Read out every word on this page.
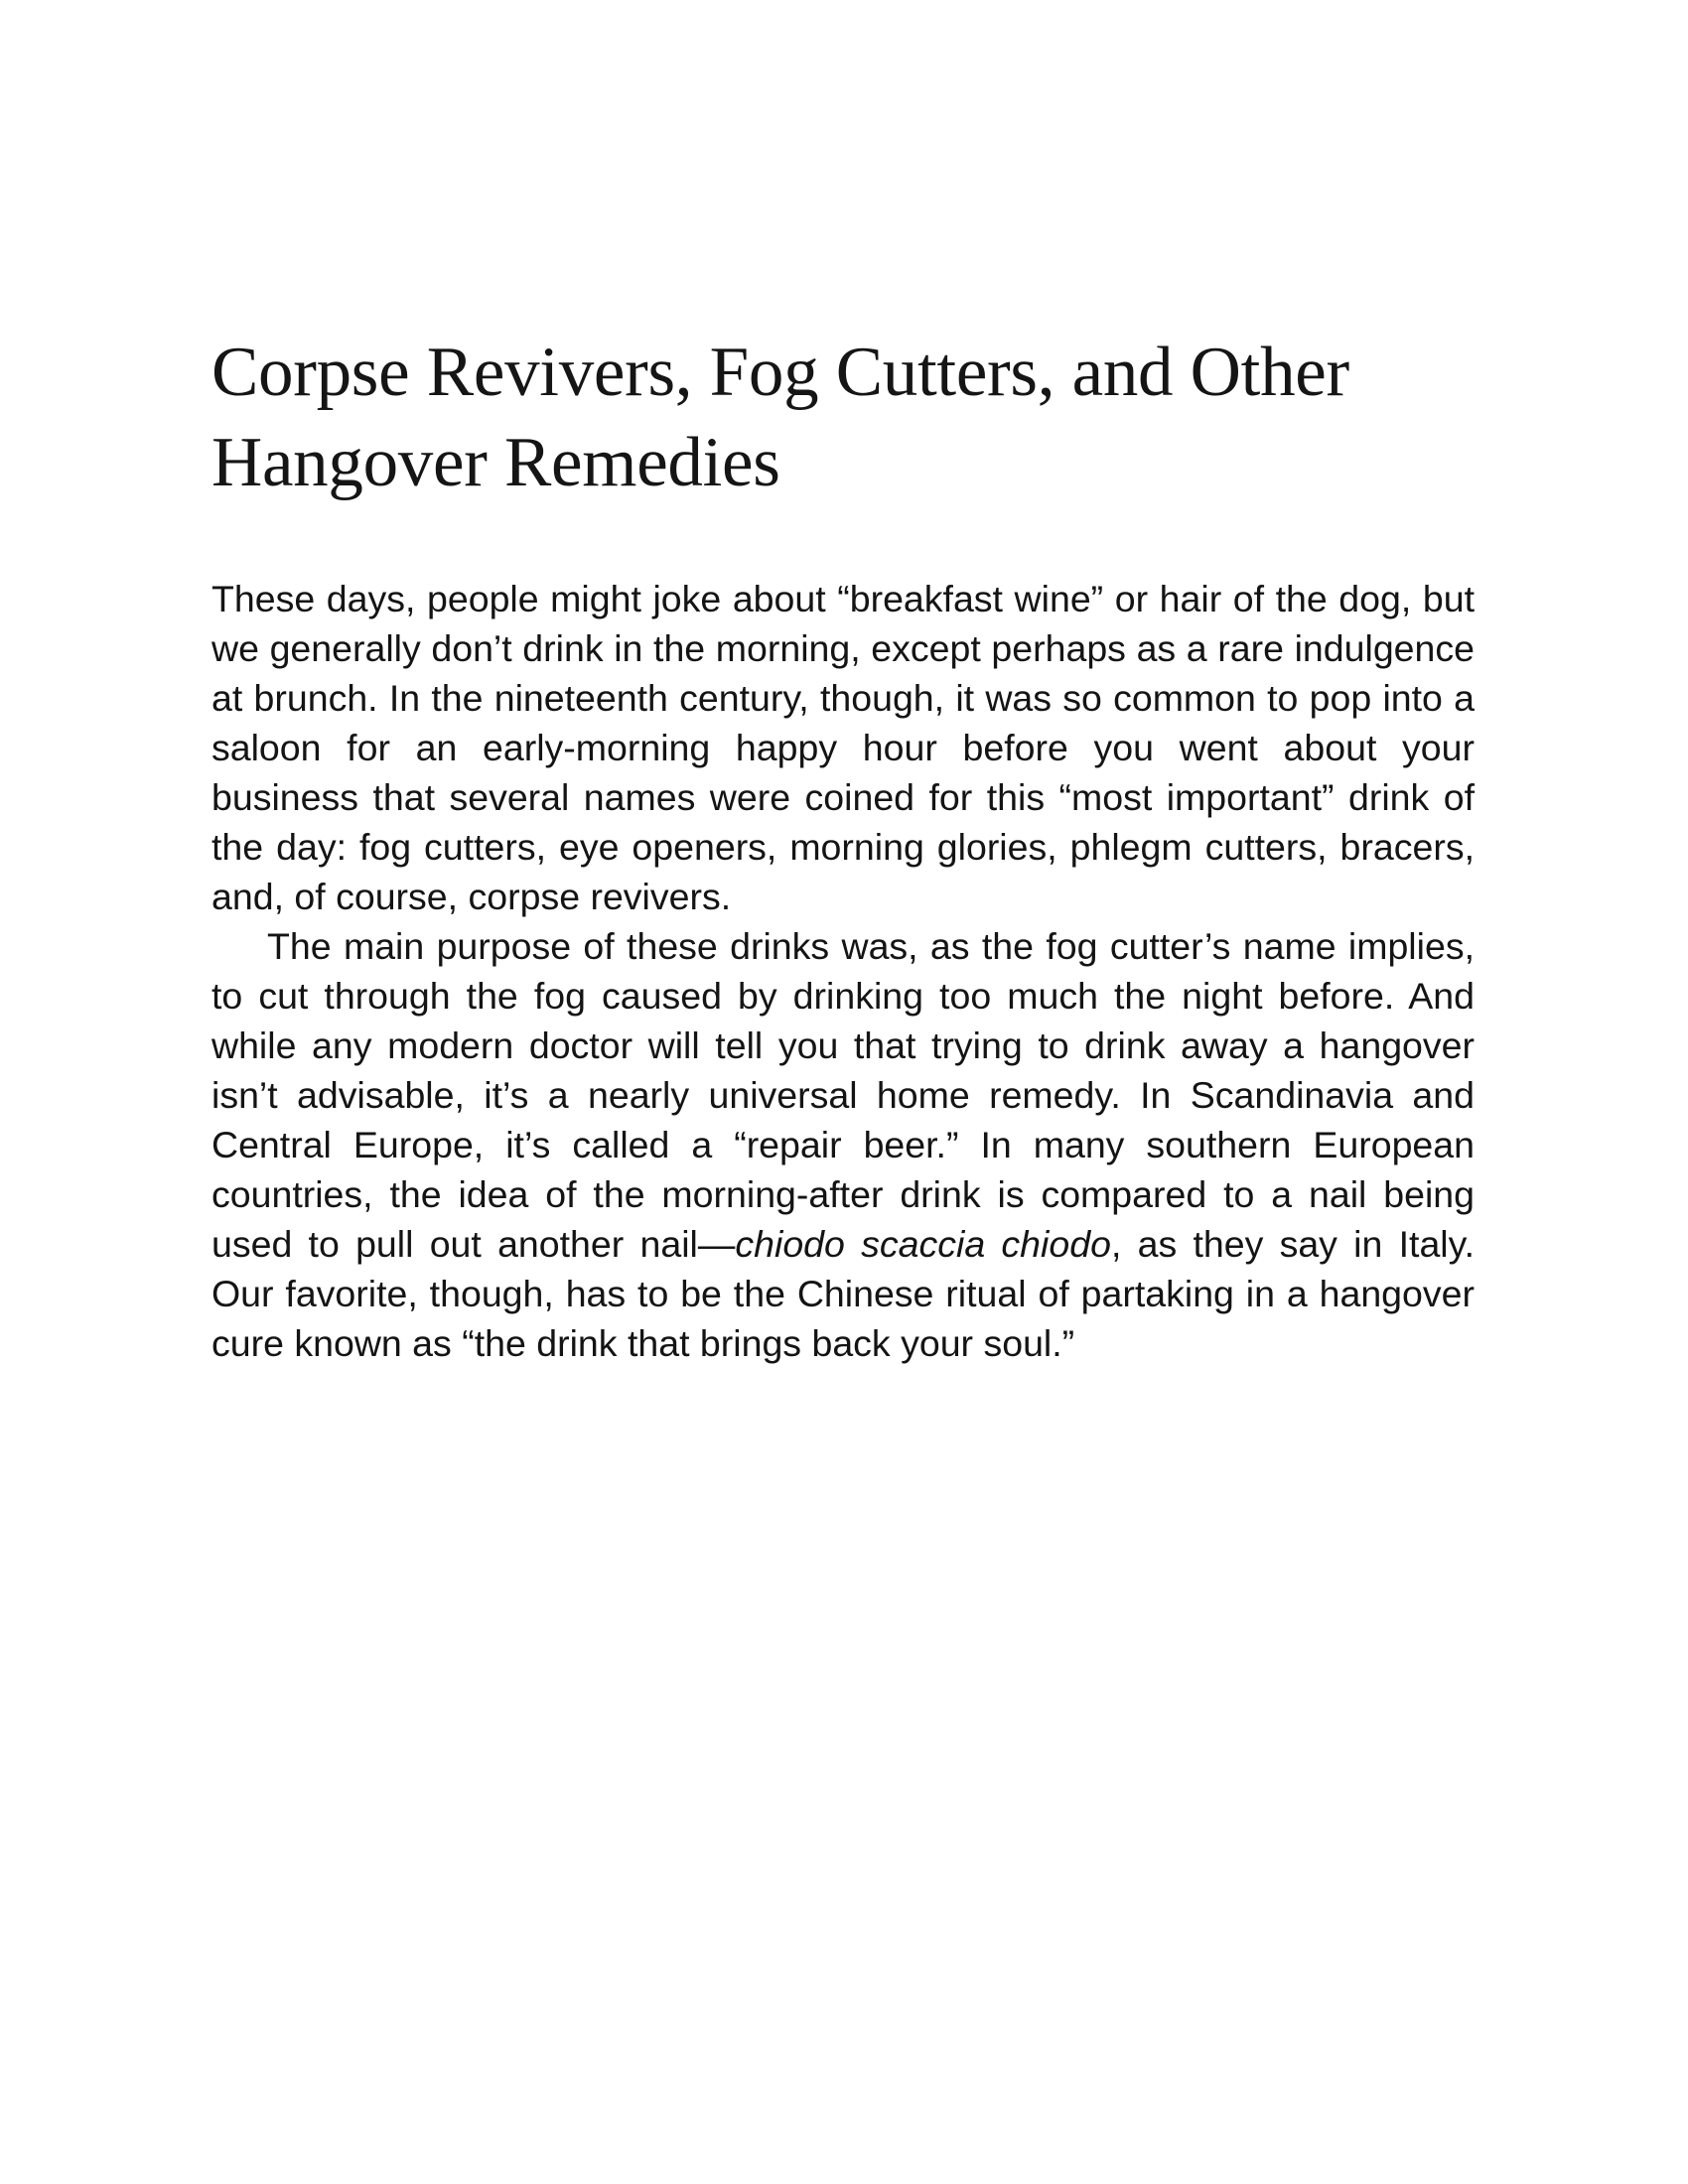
Corpse Revivers, Fog Cutters, and Other
Hangover Remedies

These days, people might joke about “breakfast wine” or hair of the dog, but we generally don’t drink in the morning, except perhaps as a rare indulgence at brunch. In the nineteenth century, though, it was so common to pop into a saloon for an early-morning happy hour before you went about your business that several names were coined for this “most important” drink of the day: fog cutters, eye openers, morning glories, phlegm cutters, bracers, and, of course, corpse revivers.

The main purpose of these drinks was, as the fog cutter’s name implies, to cut through the fog caused by drinking too much the night before. And while any modern doctor will tell you that trying to drink away a hangover isn’t advisable, it’s a nearly universal home remedy. In Scandinavia and Central Europe, it’s called a “repair beer.” In many southern European countries, the idea of the morning-after drink is compared to a nail being used to pull out another nail—chiodo scaccia chiodo, as they say in Italy. Our favorite, though, has to be the Chinese ritual of partaking in a hangover cure known as “the drink that brings back your soul.”
